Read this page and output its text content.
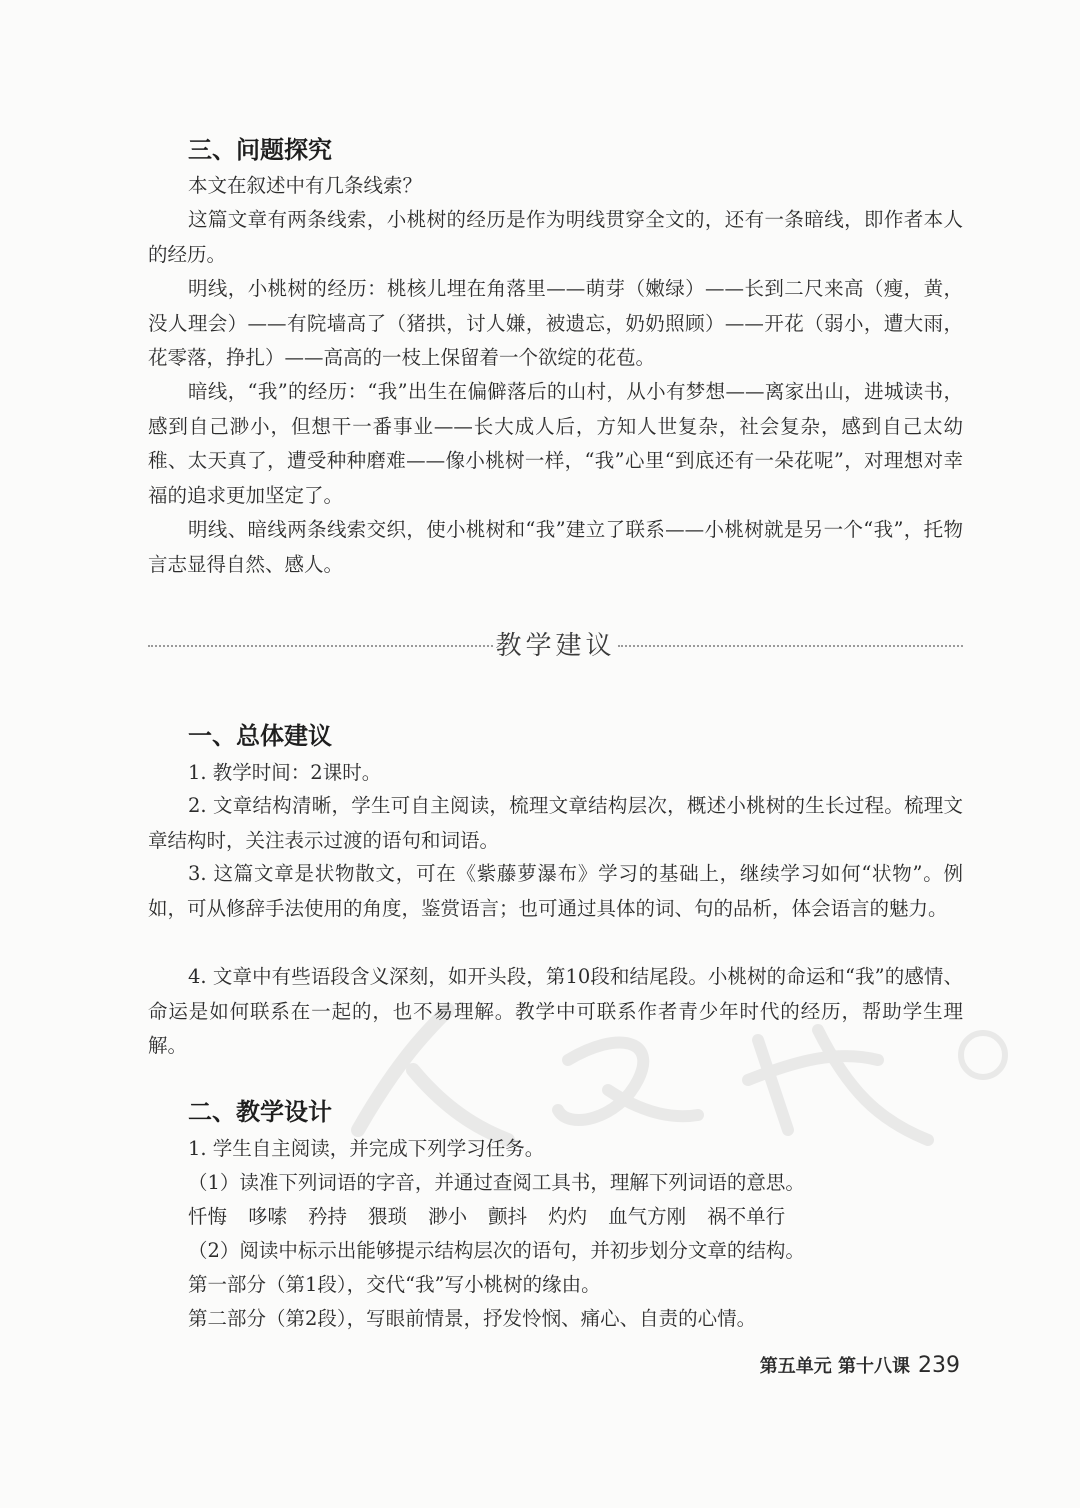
三、问题探究
本文在叙述中有几条线索？
这篇文章有两条线索，小桃树的经历是作为明线贯穿全文的，还有一条暗线，即作者本人的经历。
明线，小桃树的经历：桃核儿埋在角落里——萌芽（嫩绿）——长到二尺来高（瘦，黄，没人理会）——有院墙高了（猪拱，讨人嫌，被遗忘，奶奶照顾）——开花（弱小，遭大雨，花零落，挣扎）——高高的一枝上保留着一个欲绽的花苞。
暗线，“我”的经历：“我”出生在偏僻落后的山村，从小有梦想——离家出山，进城读书，感到自己渺小，但想干一番事业——长大成人后，方知人世复杂，社会复杂，感到自己太幼稚、太天真了，遭受种种磨难——像小桃树一样，“我”心里“到底还有一朵花呢”，对理想对幸福的追求更加坚定了。
明线、暗线两条线索交织，使小桃树和“我”建立了联系——小桃树就是另一个“我”，托物言志显得自然、感人。
教学建议
一、总体建议
1. 教学时间：2课时。
2. 文章结构清晰，学生可自主阅读，梳理文章结构层次，概述小桃树的生长过程。梳理文章结构时，关注表示过渡的语句和词语。
3. 这篇文章是状物散文，可在《紫藤萝瀑布》学习的基础上，继续学习如何“状物”。例如，可从修辞手法使用的角度，鉴赏语言；也可通过具体的词、句的品析，体会语言的魅力。
4. 文章中有些语段含义深刻，如开头段，第10段和结尾段。小桃树的命运和“我”的感情、命运是如何联系在一起的，也不易理解。教学中可联系作者青少年时代的经历，帮助学生理解。
二、教学设计
1. 学生自主阅读，并完成下列学习任务。
（1）读准下列词语的字音，并通过查阅工具书，理解下列词语的意思。
忏悔 哆嗦 矜持 猥琐 渺小 颤抖 灼灼 血气方刚 祸不单行
（2）阅读中标示出能够提示结构层次的语句，并初步划分文章的结构。
第一部分（第1段），交代“我”写小桃树的缘由。
第二部分（第2段），写眼前情景，抒发怜悯、痛心、自责的心情。
第五单元 第十八课 239
